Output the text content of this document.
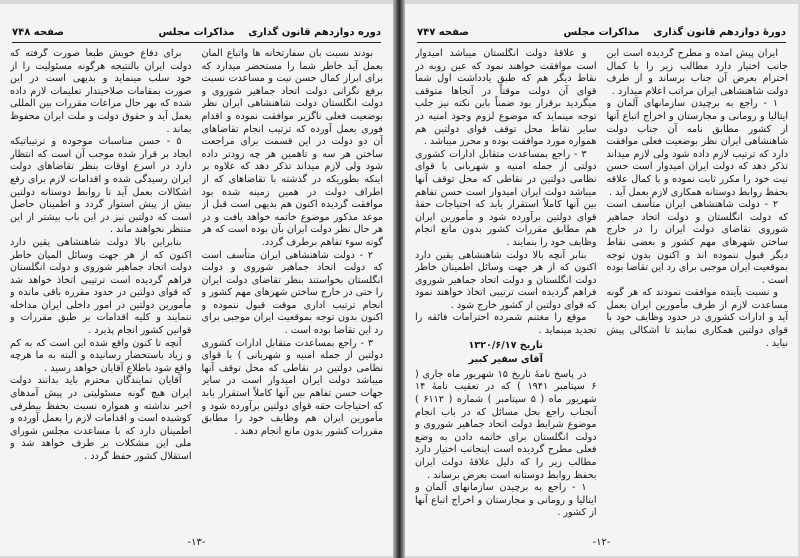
دوره دوازدهم قانون گذاری
مذاکرات مجلس
صفحه ۷۴۸

بودند نسبت بآن سفارتخانه ها واتباع آلمان بعمل آید خاطر شما را مستحضر میدارد که برای ابراز کمال حسن نیت و مساعدت نسبت برفع نگرانی دولت اتحاد جماهیر شوروی و دولت انگلستان دولت شاهنشاهی ایران نظر بوضعیت فعلی ناگزیر موافقت نموده و اقدام فوری بعمل آورده که ترتیب انجام تقاضاهای آن دو دولت در این قسمت برای مراجعت ساختن هر سه و تاهمین هر چه زودتر داده شود ولی لازم میداند تذکر دهد که علاوه بر اینکه بطوریکه در گذشته با تقاضاهای که از اطراف دولت در همین زمینه شده بود موافقت گردیده اکنون هم بدیهی است قبل از موعد مذکور موضوع خاتمه خواهد یافت و در هر حال نظر دولت ایران بآن بوده است که هر گونه سوء تفاهم برطرف گردد.

۲ - دولت شاهنشاهی ایران متأسف است که دولت اتحاد جماهیر شوروی و دولت انگلستان بخواستند بنظر تقاضای دولت ایران را حتی در خارج ساختن شهرهای مهم کشور و انجام ترتیب اداری موقت قبول ننموده و اکنون بدون توجه بموقعیت ایران موجبی برای رد این تقاضا بوده است .

۳ - راجع بمساعدت متقابل ادارات کشوری دولتین از جمله امنیه و شهربانی ) با قوای نظامی دولتین در نقاطی که محل توقف آنها میباشد دولت ایران امیدوار است در سایر جهات حسن تفاهم بین آنها کاملاً استقرار یابد که احتیاجات حقه قوای دولتین برآورده شود و مأمورین ایران هم وظایف خود را مطابق مقررات کشور بدون مانع انجام دهند .

برای دفاع خویش طبعاً صورت گرفته که دولت ایران بالنتیجه هرگونه مسئولیت را از خود سلب مینماید و بدیهی است در این صورت بمقامات صلاحیتدار تعلیمات لازم داده شده که بهر حال مراعات مقررات بین المللی بعمل آید و حقوق دولت و ملت ایران محفوظ بماند .

۵ - حسن مناسبات موجوده و ترتیباتیکه ایجاد بر قرار شده موجب آن است که انتظار دارد در اسرع اوقات بنظر تقاضاهای دولت ایران رسیدگی شده و اقدامات لازم برای رفع اشکالات بعمل آید تا روابط دوستانه دولتین بیش از پیش استوار گردد و اطمینان حاصل است که دولتین نیز در این باب بیشتر از این منتظر نخواهند ماند .

بنابراین بالا دولت شاهنشاهی یقین دارد اکنون که از هر جهت وسائل المیان خاطر دولت اتحاد جماهیر شوروی و دولت انگلستان فراهم گردیده است ترتیبی اتخاذ خواهد شد که قوای دولتین در حدود مقرره باقی مانده و مأمورین دولتین در امور داخلی ایران مداخله ننمایند و کلیه اقدامات بر طبق مقررات و قوانین کشور انجام پذیرد .

آنچه تا کنون واقع شده این است که به کم و زیاد باستحضار رسانیده و البته به ما هرچه واقع شود باطلاع آقایان خواهد رسید .

آقایان نمایندگان محترم باید بدانند دولت ایران هیچ گونه مسئولیتی در پیش آمدهای اخیر نداشته و همواره نسبت بحفظ بیطرفی کوشیده است و اقدامات لازم را بعمل آورده و اطمینان دارد که با مساعدت مجلس شورای ملی این مشکلات بر طرف خواهد شد و استقلال کشور حفظ گردد .

-۱۳-
دورهٔ دوازدهم قانون گذاری
مذاکرات مجلس
صفحه ۷۴۷

ایران پیش آمده و مطرح گردیده است این جانب اختیار دارد مطالب زیر را با کمال احترام بعرض آن جناب برساند و از طرف دولت شاهنشاهی ایران مراتب اعلام میدارد .

۱ - راجع به برچیدن سازمانهای آلمان و ایتالیا و رومانی و مجارستان و اخراج اتباع آنها از کشور مطابق نامه آن جناب دولت شاهنشاهی ایران نظر بوضعیت فعلی موافقت دارد که ترتیب لازم داده شود ولی لازم میداند تذکر دهد که دولت ایران امیدوار است حسن نیت خود را مکرر ثابت نموده و با کمال علاقه بحفظ روابط دوستانه همکاری لازم بعمل آید .

۲ - دولت شاهنشاهی ایران متأسف است که دولت انگلستان و دولت اتحاد جماهیر شوروی تقاضای دولت ایران را در خارج ساختن شهرهای مهم کشور و بعضی نقاط دیگر قبول ننموده اند و اکنون بدون توجه بموقعیت ایران موجبی برای رد این تقاضا بوده است .

و نسبت بآینده موافقت نمودند که هر گونه مساعدت لازم از طرف مأمورین ایران بعمل آید و ادارات کشوری در حدود وظایف خود با قوای دولتین همکاری نمایند تا اشکالی پیش نیاید .

و علاقهٔ دولت انگلستان میباشد امیدوار است موافقت خواهند نمود که عین روبه در نقاط دیگر هم که طبق یادداشت اول شما قوای آن دولت موقتاً در آنجاها متوقف میگردید برقرار بود ضمناً باین نکته نیز جلب توجه مینماید که موضوع لزوم وجود امنیه در سایر نقاط محل توقف قوای دولتین هم همواره مورد موافقت بوده و محرز میباشد .

۳ - راجع بمساعدت متقابل ادارات کشوری دولتی از جمله امنیه و شهربانی با قوای نظامی دولتین در نقاطی که محل توقف آنها میباشد دولت ایران امیدوار است حسن تفاهم بین آنها کاملاً استقرار یابد که احتیاجات حقهٔ قوای دولتین برآورده شود و مأمورین ایران هم مطابق مقررات کشور بدون مانع انجام وظایف خود را بنمایند .

بنابر آنچه بالا دولت شاهنشاهی یقین دارد اکنون که از هر جهت وسائل اطمینان خاطر دولت انگلستان و دولت اتحاد جماهیر شوروی فراهم گردیده است ترتیبی اتخاذ خواهند نمود که قوای دولتین از کشور خارج شود .

موقع را مغتنم شمرده احترامات فائقه را تجدید مینماید .

تاریخ ۱۳۲۰/۶/۱۷

آقای سفیر کبیر

در پاسخ نامهٔ تاریخ ۱۵ شهریور ماه جاری ( ۶ سپتامبر ۱۹۴۱ ) که در تعقیب نامهٔ ۱۴ شهریور ماه ( ۵ سپتامبر ) شماره ( ۶۱۱۲ ) آنجناب راجع بحل مسائل که در باب انجام موضوع شرایط دولت اتحاد جماهیر شوروی و دولت انگلستان برای خاتمه دادن به وضع فعلی مطرح گردیده است اینجانب اختیار دارد مطالب زیر را که دلیل علاقهٔ دولت ایران بحفظ روابط دوستانه است بعرض برساند .

۱ - راجع به برچیدن سازمانهای آلمان و ایتالیا و رومانی و مجارستان و اخراج اتباع آنها از کشور .

-۱۲-
